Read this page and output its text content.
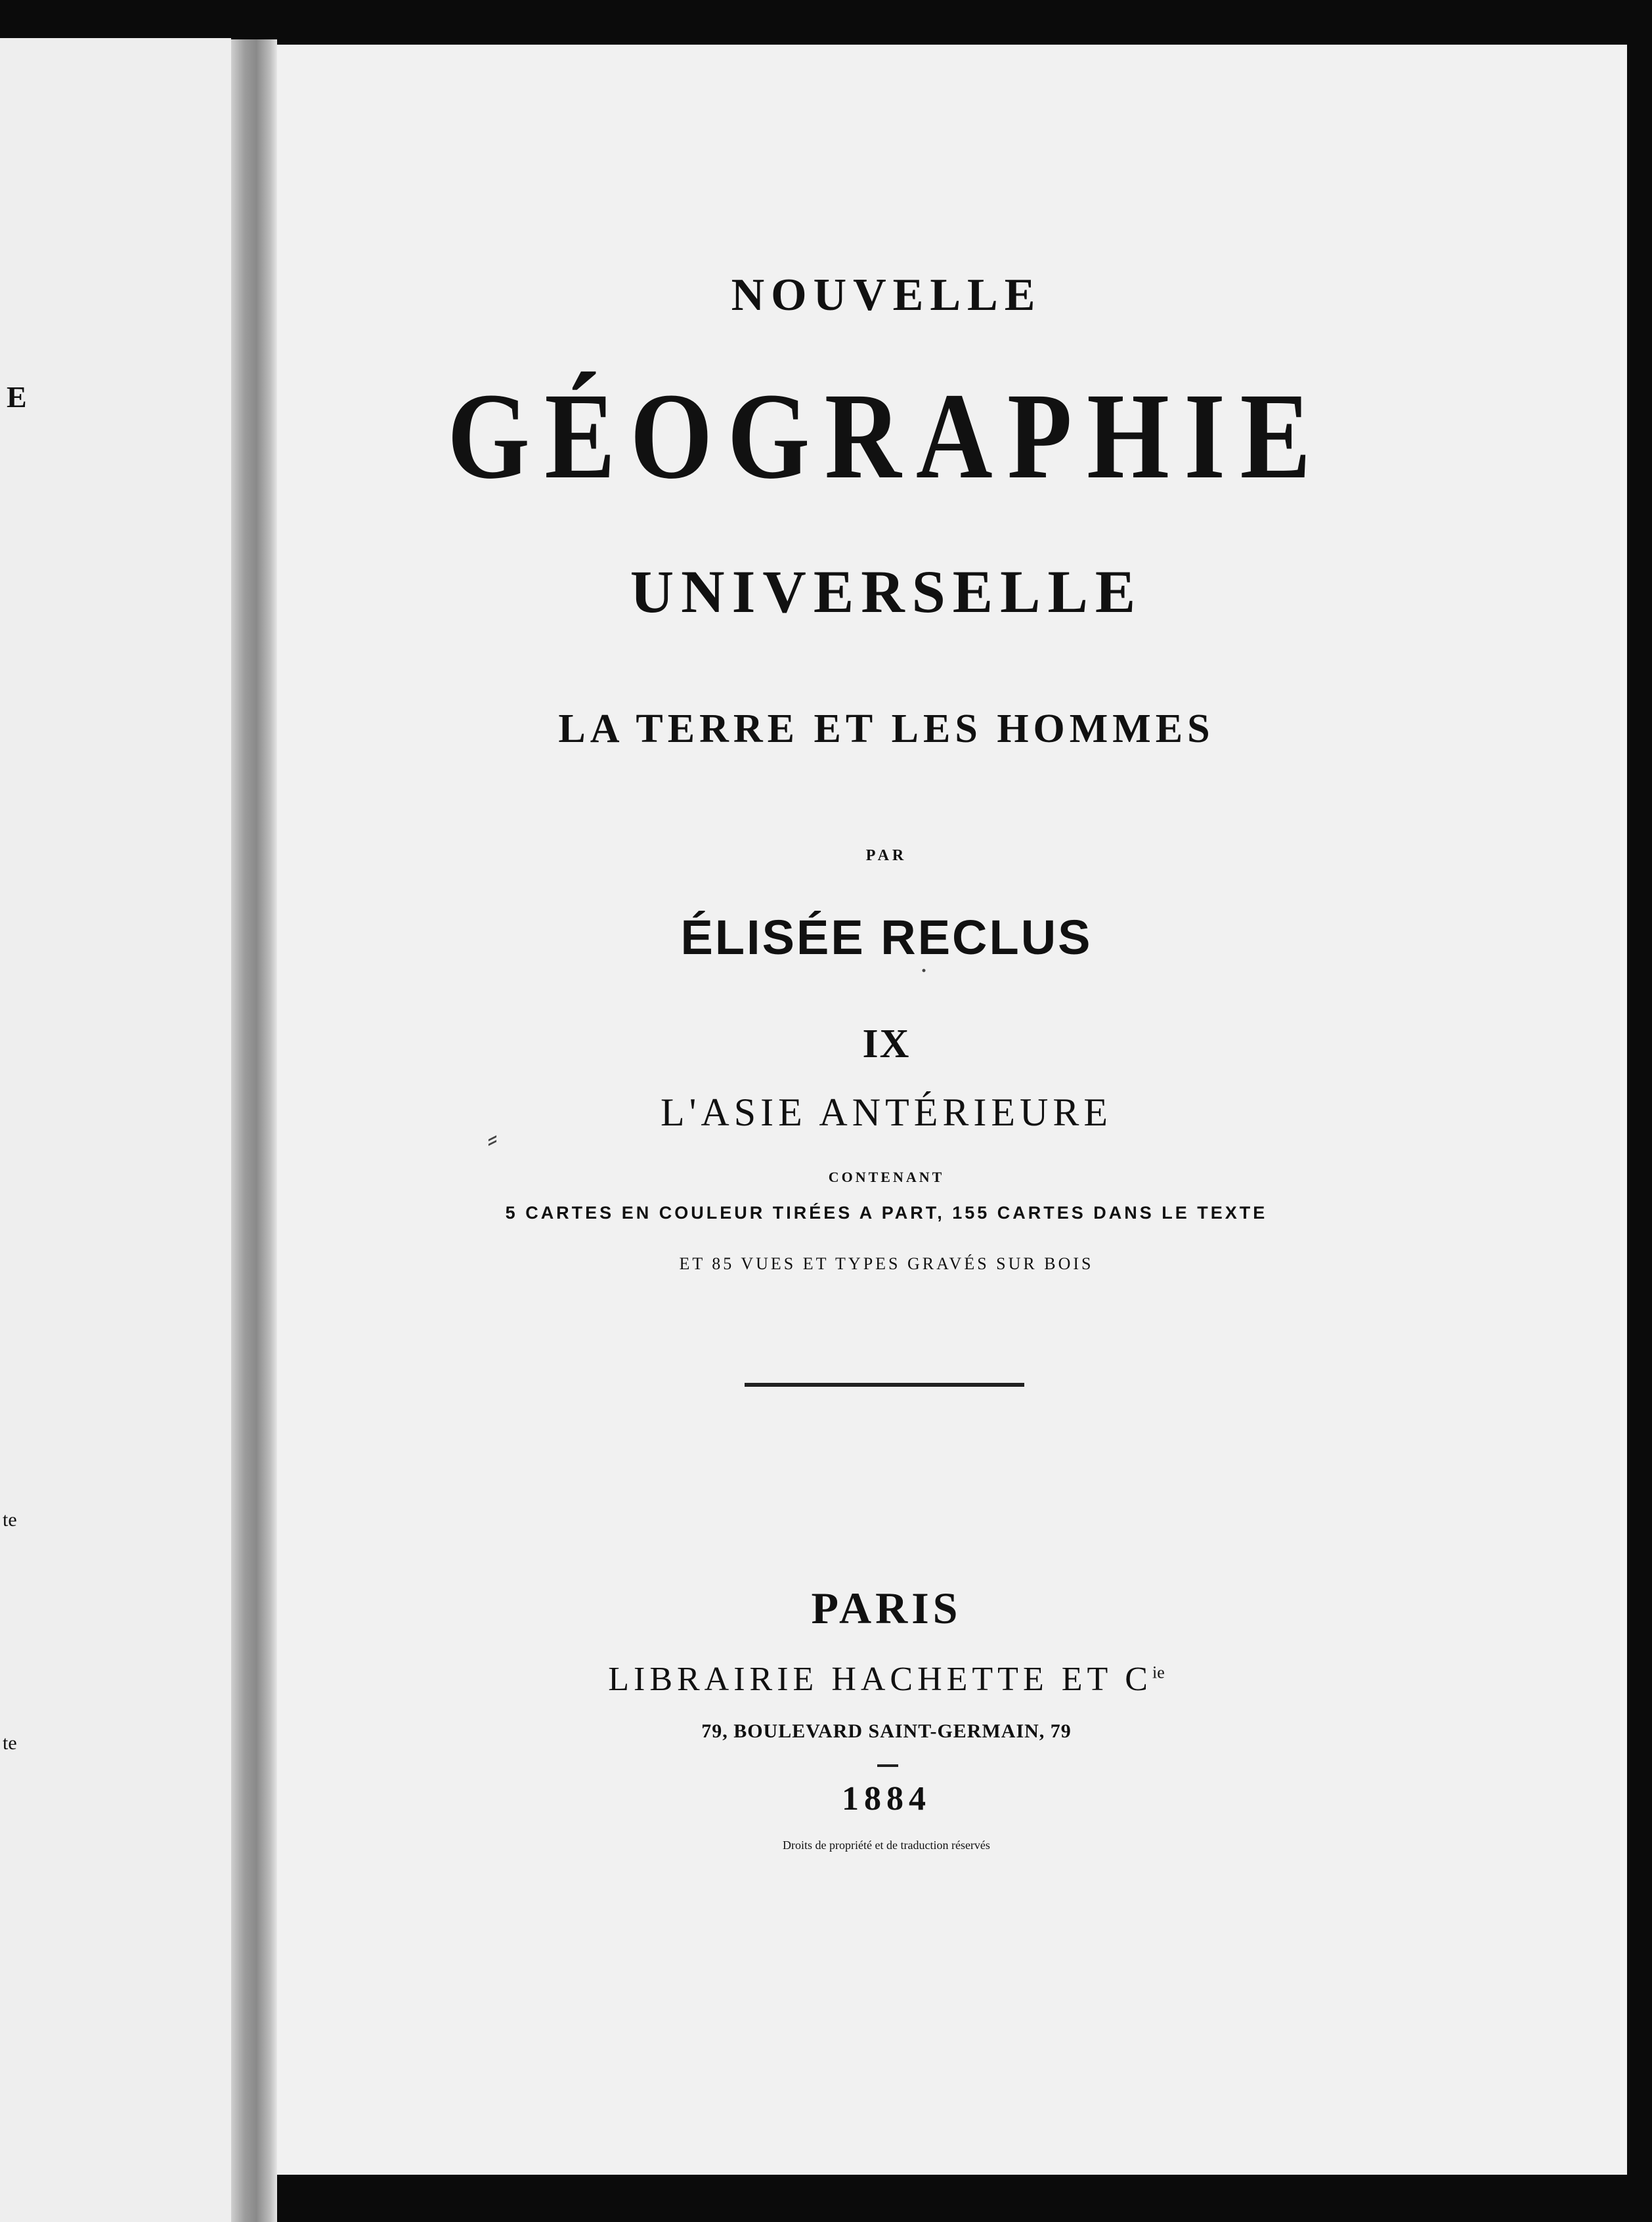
E
te
te
NOUVELLE
GÉOGRAPHIE
UNIVERSELLE
LA TERRE ET LES HOMMES
PAR
ÉLISÉE RECLUS
·
IX
L'ASIE ANTÉRIEURE
⸗
CONTENANT
5 CARTES EN COULEUR TIRÉES A PART, 155 CARTES DANS LE TEXTE
ET 85 VUES ET TYPES GRAVÉS SUR BOIS
PARIS
LIBRAIRIE HACHETTE ET $C^{ie}$
79, BOULEVARD SAINT-GERMAIN, 79
1884
Droits de propriété et de traduction réservés
